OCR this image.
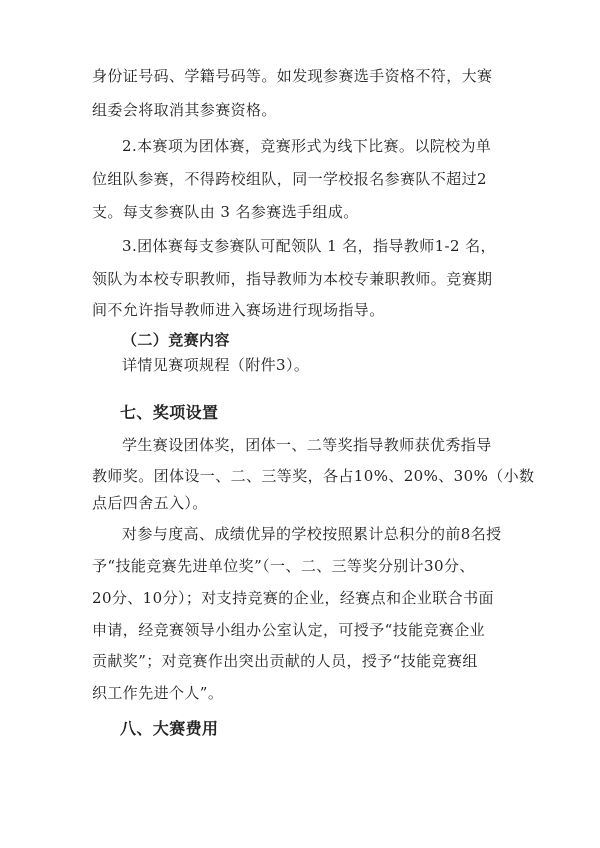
身份证号码、学籍号码等。如发现参赛选手资格不符，大赛
组委会将取消其参赛资格。
2.本赛项为团体赛，竞赛形式为线下比赛。以院校为单
位组队参赛，不得跨校组队，同一学校报名参赛队不超过2
支。每支参赛队由 3 名参赛选手组成。
3.团体赛每支参赛队可配领队 1 名，指导教师1-2 名，
领队为本校专职教师，指导教师为本校专兼职教师。竞赛期
间不允许指导教师进入赛场进行现场指导。
（二）竞赛内容
详情见赛项规程（附件3）。
七、奖项设置
学生赛设团体奖，团体一、二等奖指导教师获优秀指导
教师奖。团体设一、二、三等奖，各占10%、20%、30%（小数
点后四舍五入）。
对参与度高、成绩优异的学校按照累计总积分的前8名授
予“技能竞赛先进单位奖”（一、二、三等奖分别计30分、
20分、10分）；对支持竞赛的企业，经赛点和企业联合书面
申请，经竞赛领导小组办公室认定，可授予“技能竞赛企业
贡献奖”；对竞赛作出突出贡献的人员，授予“技能竞赛组
织工作先进个人”。
八、大赛费用
